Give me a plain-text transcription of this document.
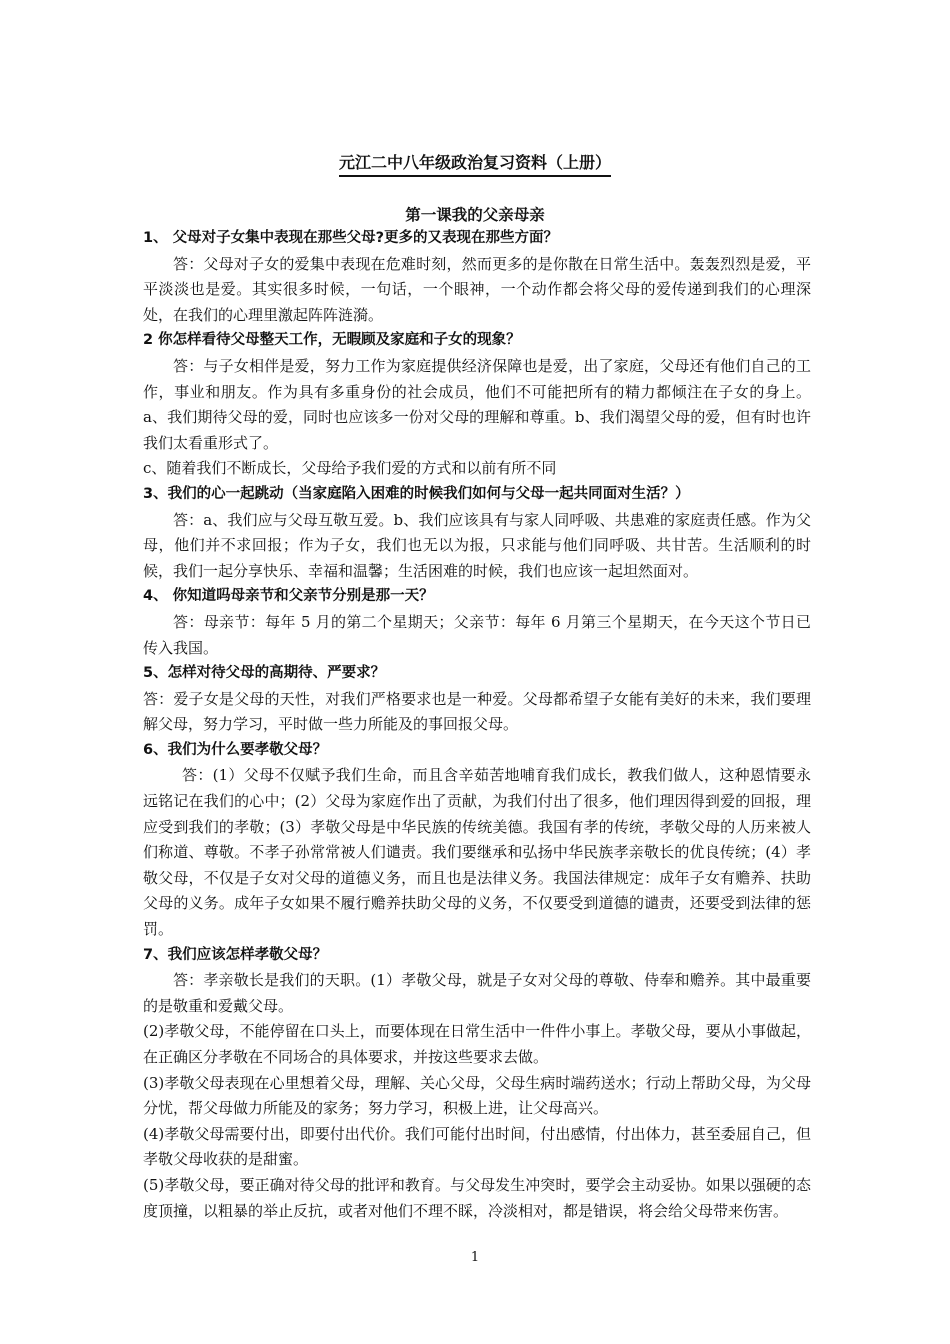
元江二中八年级政治复习资料（上册）
第一课我的父亲母亲

1、 父母对子女集中表现在那些父母?更多的又表现在那些方面？

答：父母对子女的爱集中表现在危难时刻，然而更多的是你散在日常生活中。轰轰烈烈是爱，平平淡淡也是爱。其实很多时候，一句话，一个眼神，一个动作都会将父母的爱传递到我们的心理深处，在我们的心理里激起阵阵涟漪。

2 你怎样看待父母整天工作，无暇顾及家庭和子女的现象？

答：与子女相伴是爱，努力工作为家庭提供经济保障也是爱，出了家庭，父母还有他们自己的工作，事业和朋友。作为具有多重身份的社会成员，他们不可能把所有的精力都倾注在子女的身上。a、我们期待父母的爱，同时也应该多一份对父母的理解和尊重。b、我们渴望父母的爱，但有时也许我们太看重形式了。

c、随着我们不断成长，父母给予我们爱的方式和以前有所不同

3、我们的心一起跳动（当家庭陷入困难的时候我们如何与父母一起共同面对生活？）

答：a、我们应与父母互敬互爱。b、我们应该具有与家人同呼吸、共患难的家庭责任感。作为父母，他们并不求回报；作为子女，我们也无以为报，只求能与他们同呼吸、共甘苦。生活顺利的时候，我们一起分享快乐、幸福和温馨；生活困难的时候，我们也应该一起坦然面对。

4、 你知道吗母亲节和父亲节分别是那一天？

答：母亲节：每年 5 月的第二个星期天；父亲节：每年 6 月第三个星期天，在今天这个节日已传入我国。

5、怎样对待父母的高期待、严要求？

答：爱子女是父母的天性，对我们严格要求也是一种爱。父母都希望子女能有美好的未来，我们要理解父母，努力学习，平时做一些力所能及的事回报父母。

6、我们为什么要孝敬父母？

答：(1）父母不仅赋予我们生命，而且含辛茹苦地哺育我们成长，教我们做人，这种恩情要永远铭记在我们的心中；(2）父母为家庭作出了贡献，为我们付出了很多，他们理因得到爱的回报，理应受到我们的孝敬；(3）孝敬父母是中华民族的传统美德。我国有孝的传统，孝敬父母的人历来被人们称道、尊敬。不孝子孙常常被人们谴责。我们要继承和弘扬中华民族孝亲敬长的优良传统；(4）孝敬父母，不仅是子女对父母的道德义务，而且也是法律义务。我国法律规定：成年子女有赡养、扶助父母的义务。成年子女如果不履行赡养扶助父母的义务，不仅要受到道德的谴责，还要受到法律的惩罚。

7、我们应该怎样孝敬父母？

答：孝亲敬长是我们的天职。(1）孝敬父母，就是子女对父母的尊敬、侍奉和赡养。其中最重要的是敬重和爱戴父母。

(2)孝敬父母，不能停留在口头上，而要体现在日常生活中一件件小事上。孝敬父母，要从小事做起，在正确区分孝敬在不同场合的具体要求，并按这些要求去做。

(3)孝敬父母表现在心里想着父母，理解、关心父母，父母生病时端药送水；行动上帮助父母，为父母分忧，帮父母做力所能及的家务；努力学习，积极上进，让父母高兴。

(4)孝敬父母需要付出，即要付出代价。我们可能付出时间，付出感情，付出体力，甚至委屈自己，但孝敬父母收获的是甜蜜。

(5)孝敬父母，要正确对待父母的批评和教育。与父母发生冲突时，要学会主动妥协。如果以强硬的态度顶撞，以粗暴的举止反抗，或者对他们不理不睬，冷淡相对，都是错误，将会给父母带来伤害。

1
